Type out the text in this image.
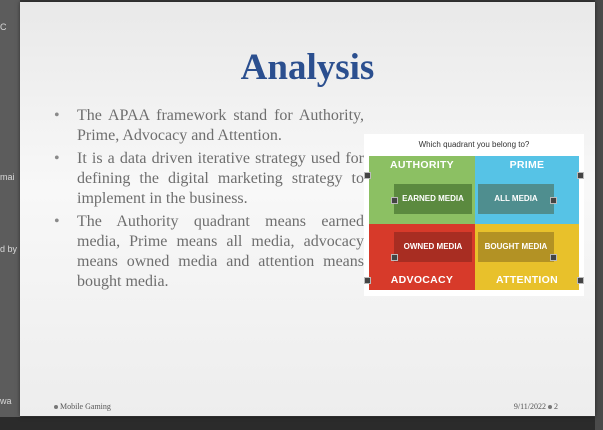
C
mai
d by
wa
Analysis
• The APAA framework stand for Authority, Prime, Advocacy and Attention.
• It is a data driven iterative strategy used for defining the digital marketing strategy to implement in the business.
• The Authority quadrant means earned media, Prime means all media, advocacy means owned media and attention means bought media.
Which quadrant you belong to?
AUTHORITY	PRIME
ADVOCACY	ATTENTION
EARNED MEDIA	ALL MEDIA
OWNED MEDIA	BOUGHT MEDIA
Mobile Gaming	9/11/2022 2
